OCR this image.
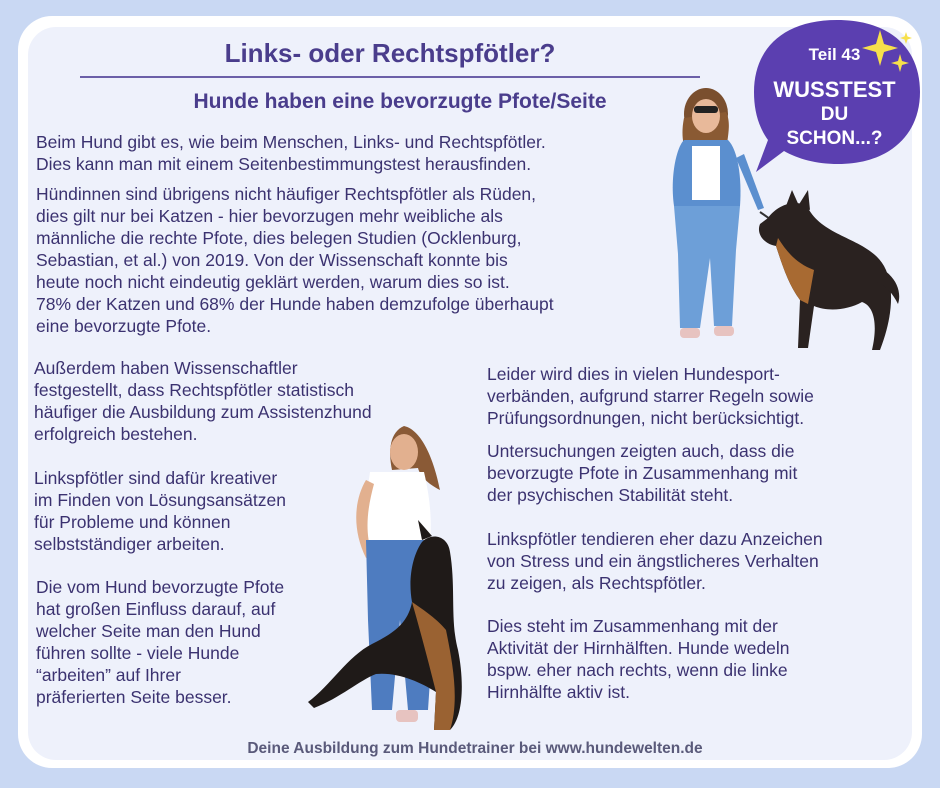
Links- oder Rechtspfötler?
Hunde haben eine bevorzugte Pfote/Seite
Teil 43
WUSSTEST
DU
SCHON...?

Beim Hund gibt es, wie beim Menschen, Links- und Rechtspfötler.
Dies kann man mit einem Seitenbestimmungstest herausfinden.

Hündinnen sind übrigens nicht häufiger Rechtspfötler als Rüden,
dies gilt nur bei Katzen - hier bevorzugen mehr weibliche als
männliche die rechte Pfote, dies belegen Studien (Ocklenburg,
Sebastian, et al.) von 2019. Von der Wissenschaft konnte bis
heute noch nicht eindeutig geklärt werden, warum dies so ist.
78% der Katzen und 68% der Hunde haben demzufolge überhaupt
eine bevorzugte Pfote.

Außerdem haben Wissenschaftler
festgestellt, dass Rechtspfötler statistisch
häufiger die Ausbildung zum Assistenzhund
erfolgreich bestehen.

Linkspfötler sind dafür kreativer
im Finden von Lösungsansätzen
für Probleme und können
selbstständiger arbeiten.

Die vom Hund bevorzugte Pfote
hat großen Einfluss darauf, auf
welcher Seite man den Hund
führen sollte - viele Hunde
“arbeiten” auf Ihrer
präferierten Seite besser.

Leider wird dies in vielen Hundesport-
verbänden, aufgrund starrer Regeln sowie
Prüfungsordnungen, nicht berücksichtigt.

Untersuchungen zeigten auch, dass die
bevorzugte Pfote in Zusammenhang mit
der psychischen Stabilität steht.

Linkspfötler tendieren eher dazu Anzeichen
von Stress und ein ängstlicheres Verhalten
zu zeigen, als Rechtspfötler.

Dies steht im Zusammenhang mit der
Aktivität der Hirnhälften. Hunde wedeln
bspw. eher nach rechts, wenn die linke
Hirnhälfte aktiv ist.

Deine Ausbildung zum Hundetrainer bei www.hundewelten.de
